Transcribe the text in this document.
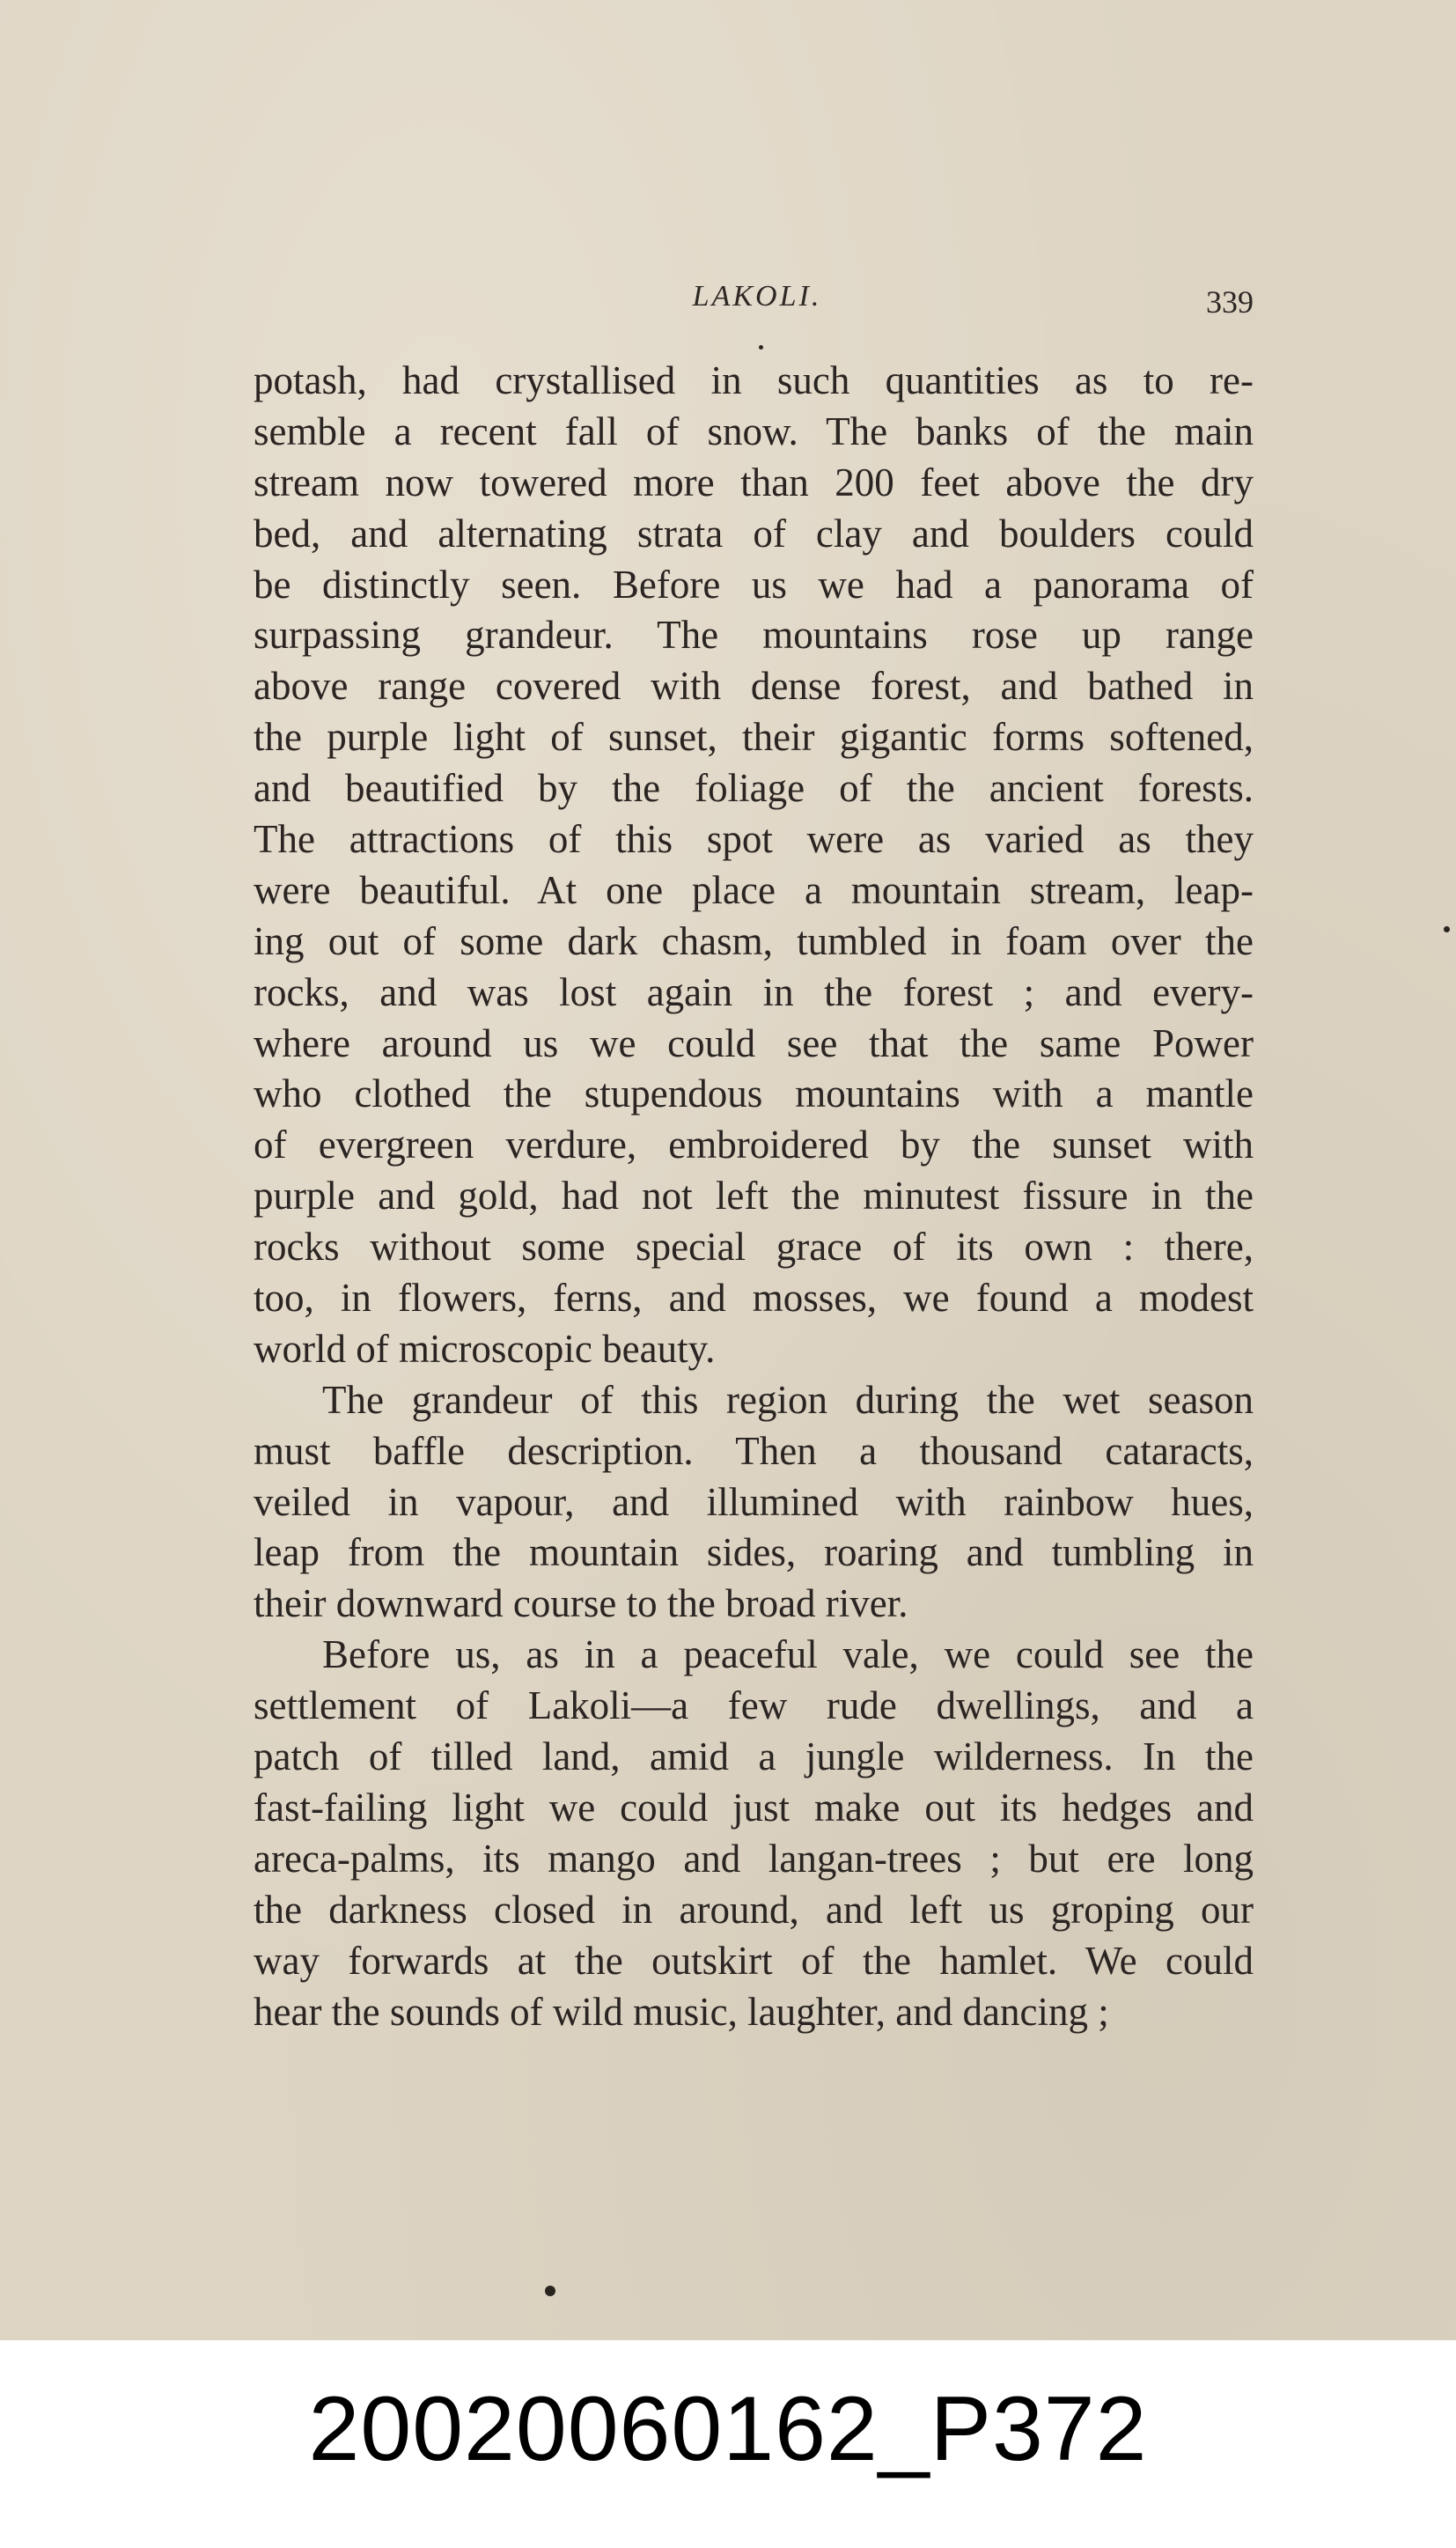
LAKOLI.	339
potash, had crystallised in such quantities as to re-
semble a recent fall of snow. The banks of the main
stream now towered more than 200 feet above the dry
bed, and alternating strata of clay and boulders could
be distinctly seen. Before us we had a panorama of
surpassing grandeur. The mountains rose up range
above range covered with dense forest, and bathed in
the purple light of sunset, their gigantic forms softened,
and beautified by the foliage of the ancient forests.
The attractions of this spot were as varied as they
were beautiful. At one place a mountain stream, leap-
ing out of some dark chasm, tumbled in foam over the
rocks, and was lost again in the forest ; and every-
where around us we could see that the same Power
who clothed the stupendous mountains with a mantle
of evergreen verdure, embroidered by the sunset with
purple and gold, had not left the minutest fissure in the
rocks without some special grace of its own : there,
too, in flowers, ferns, and mosses, we found a modest
world of microscopic beauty.
The grandeur of this region during the wet season
must baffle description. Then a thousand cataracts,
veiled in vapour, and illumined with rainbow hues,
leap from the mountain sides, roaring and tumbling in
their downward course to the broad river.
Before us, as in a peaceful vale, we could see the
settlement of Lakoli—a few rude dwellings, and a
patch of tilled land, amid a jungle wilderness. In the
fast-failing light we could just make out its hedges and
areca-palms, its mango and langan-trees ; but ere long
the darkness closed in around, and left us groping our
way forwards at the outskirt of the hamlet. We could
hear the sounds of wild music, laughter, and dancing ;
20020060162_P372
